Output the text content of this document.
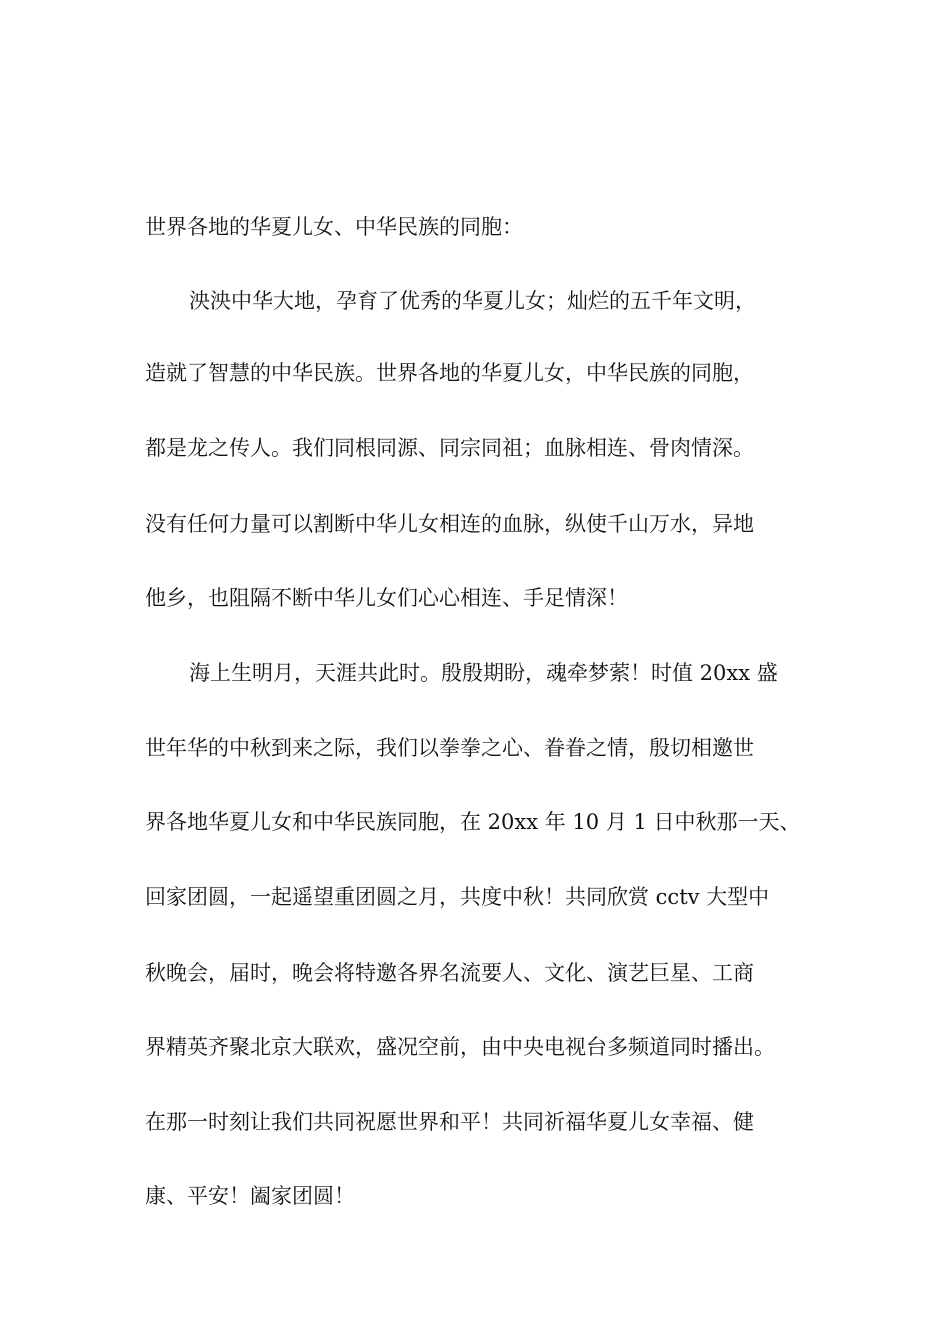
世界各地的华夏儿女、中华民族的同胞：

泱泱中华大地，孕育了优秀的华夏儿女；灿烂的五千年文明，

造就了智慧的中华民族。世界各地的华夏儿女，中华民族的同胞，

都是龙之传人。我们同根同源、同宗同祖；血脉相连、骨肉情深。

没有任何力量可以割断中华儿女相连的血脉，纵使千山万水，异地

他乡，也阻隔不断中华儿女们心心相连、手足情深！

海上生明月，天涯共此时。殷殷期盼，魂牵梦萦！时值 20xx 盛

世年华的中秋到来之际，我们以拳拳之心、眷眷之情，殷切相邀世

界各地华夏儿女和中华民族同胞，在 20xx 年 10 月 1 日中秋那一天、

回家团圆，一起遥望重团圆之月，共度中秋！共同欣赏 cctv 大型中

秋晚会，届时，晚会将特邀各界名流要人、文化、演艺巨星、工商

界精英齐聚北京大联欢，盛况空前，由中央电视台多频道同时播出。

在那一时刻让我们共同祝愿世界和平！共同祈福华夏儿女幸福、健

康、平安！阖家团圆！
